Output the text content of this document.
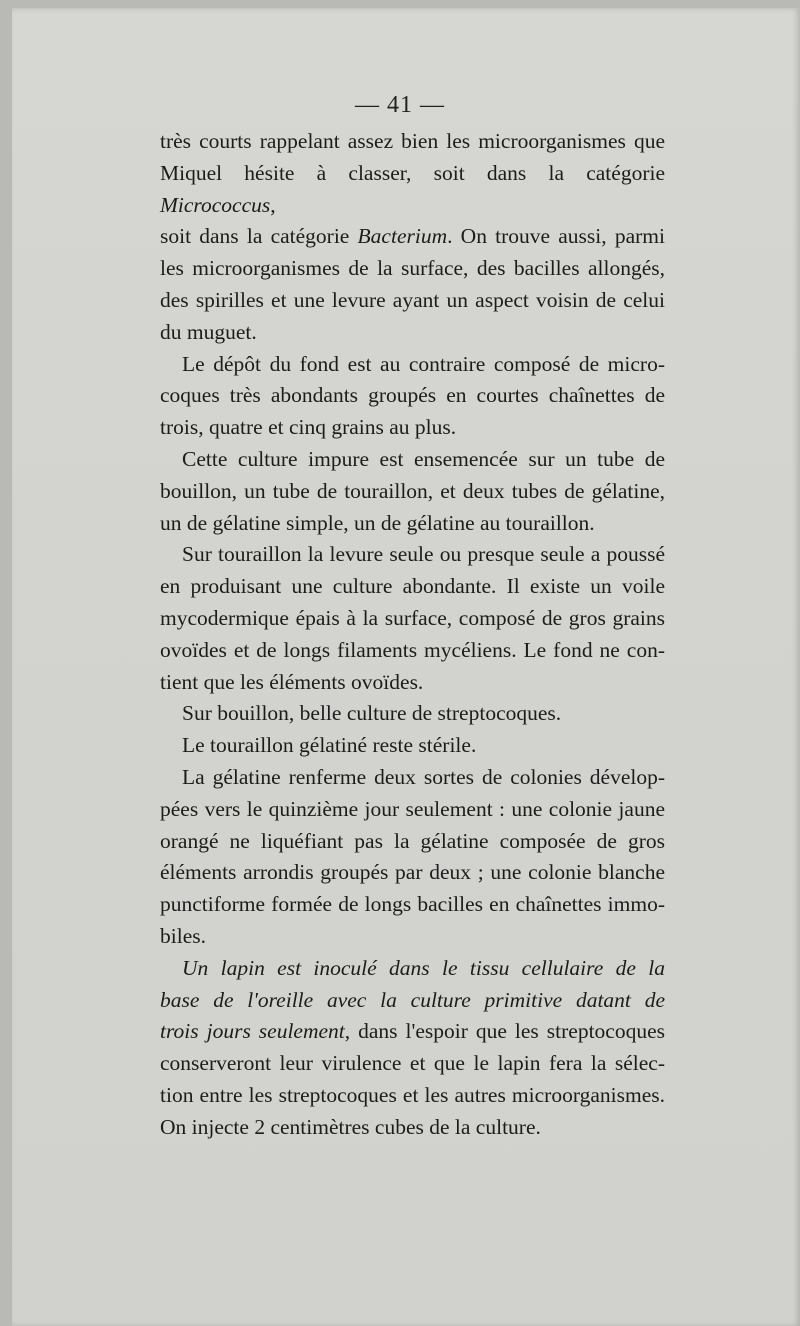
— 41 —
très courts rappelant assez bien les microorganismes que
Miquel hésite à classer, soit dans la catégorie Micrococcus,
soit dans la catégorie Bacterium. On trouve aussi, parmi
les microorganismes de la surface, des bacilles allongés,
des spirilles et une levure ayant un aspect voisin de celui
du muguet.
Le dépôt du fond est au contraire composé de micro-
coques très abondants groupés en courtes chaînettes de
trois, quatre et cinq grains au plus.
Cette culture impure est ensemencée sur un tube de
bouillon, un tube de touraillon, et deux tubes de gélatine,
un de gélatine simple, un de gélatine au touraillon.
Sur touraillon la levure seule ou presque seule a poussé
en produisant une culture abondante. Il existe un voile
mycodermique épais à la surface, composé de gros grains
ovoïdes et de longs filaments mycéliens. Le fond ne con-
tient que les éléments ovoïdes.
Sur bouillon, belle culture de streptocoques.
Le touraillon gélatiné reste stérile.
La gélatine renferme deux sortes de colonies dévelop-
pées vers le quinzième jour seulement : une colonie jaune
orangé ne liquéfiant pas la gélatine composée de gros
éléments arrondis groupés par deux ; une colonie blanche
punctiforme formée de longs bacilles en chaînettes immo-
biles.
Un lapin est inoculé dans le tissu cellulaire de la
base de l'oreille avec la culture primitive datant de
trois jours seulement, dans l'espoir que les streptocoques
conserveront leur virulence et que le lapin fera la sélec-
tion entre les streptocoques et les autres microorganismes.
On injecte 2 centimètres cubes de la culture.
